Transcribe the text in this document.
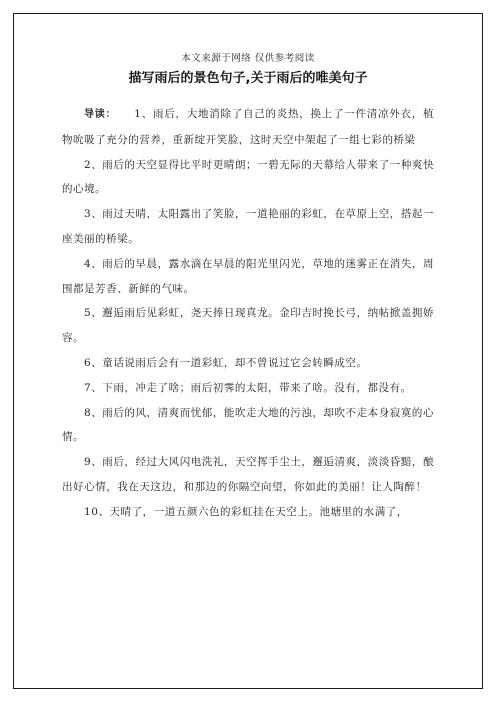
本文来源于网络 仅供参考阅读
描写雨后的景色句子,关于雨后的唯美句子

导读： 1、雨后，大地消除了自己的炎热，换上了一件清凉外衣，植物吮吸了充分的营养，重新绽开笑脸，这时天空中架起了一组七彩的桥梁

2、雨后的天空显得比平时更晴朗；一碧无际的天幕给人带来了一种爽快的心境。

3、雨过天晴，太阳露出了笑脸，一道艳丽的彩虹，在草原上空，搭起一座美丽的桥梁。

4、雨后的早晨，露水滴在早晨的阳光里闪光，草地的迷雾正在消失，周围都是芳香、新鲜的气味。

5、邂逅雨后见彩虹，尧天捧日现真龙。金印吉时挽长弓，纳帖掀盖拥娇容。

6、童话说雨后会有一道彩虹，却不曾说过它会转瞬成空。

7、下雨，冲走了啥；雨后初霁的太阳，带来了啥。没有，都没有。

8、雨后的风，清爽而忧郁，能吹走大地的污浊，却吹不走本身寂寞的心情。

9、雨后，经过大风闪电洗礼，天空挥手尘土，邂逅清爽，淡淡昏黯，酿出好心情，我在天这边，和那边的你隔空向望，你如此的美丽！让人陶醉！

10、天晴了，一道五颜六色的彩虹挂在天空上。池塘里的水满了，
